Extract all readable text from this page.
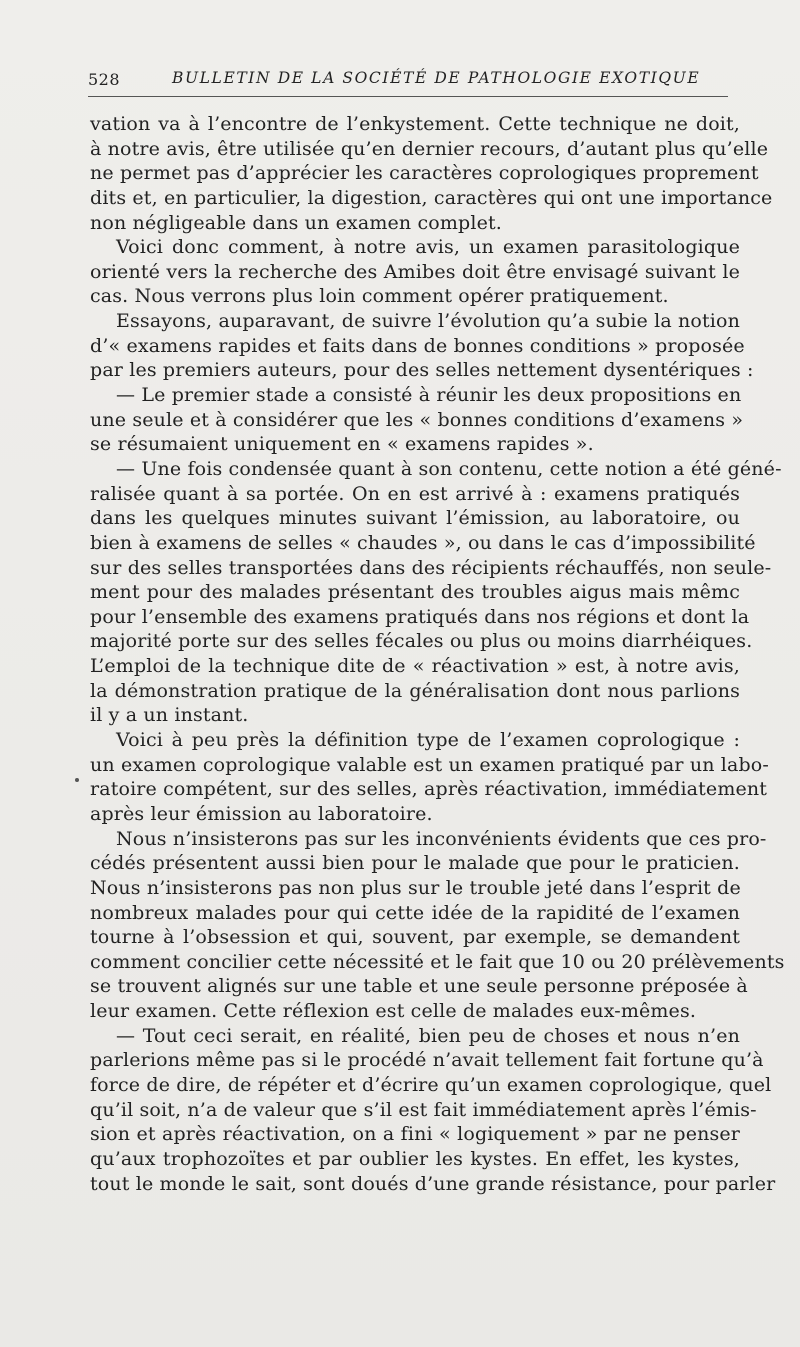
528	BULLETIN DE LA SOCIÉTÉ DE PATHOLOGIE EXOTIQUE
vation va à l’encontre de l’enkystement. Cette technique ne doit,
à notre avis, être utilisée qu’en dernier recours, d’autant plus qu’elle
ne permet pas d’apprécier les caractères coprologiques proprement
dits et, en particulier, la digestion, caractères qui ont une importance
non négligeable dans un examen complet.
Voici donc comment, à notre avis, un examen parasitologique
orienté vers la recherche des Amibes doit être envisagé suivant le
cas. Nous verrons plus loin comment opérer pratiquement.
Essayons, auparavant, de suivre l’évolution qu’a subie la notion
d’« examens rapides et faits dans de bonnes conditions » proposée
par les premiers auteurs, pour des selles nettement dysentériques :
— Le premier stade a consisté à réunir les deux propositions en
une seule et à considérer que les « bonnes conditions d’examens »
se résumaient uniquement en « examens rapides ».
— Une fois condensée quant à son contenu, cette notion a été géné-
ralisée quant à sa portée. On en est arrivé à : examens pratiqués
dans les quelques minutes suivant l’émission, au laboratoire, ou
bien à examens de selles « chaudes », ou dans le cas d’impossibilité
sur des selles transportées dans des récipients réchauffés, non seule-
ment pour des malades présentant des troubles aigus mais mêmc
pour l’ensemble des examens pratiqués dans nos régions et dont la
majorité porte sur des selles fécales ou plus ou moins diarrhéiques.
L’emploi de la technique dite de « réactivation » est, à notre avis,
la démonstration pratique de la généralisation dont nous parlions
il y a un instant.
Voici à peu près la définition type de l’examen coprologique :
un examen coprologique valable est un examen pratiqué par un labo-
ratoire compétent, sur des selles, après réactivation, immédiatement
après leur émission au laboratoire.
Nous n’insisterons pas sur les inconvénients évidents que ces pro-
cédés présentent aussi bien pour le malade que pour le praticien.
Nous n’insisterons pas non plus sur le trouble jeté dans l’esprit de
nombreux malades pour qui cette idée de la rapidité de l’examen
tourne à l’obsession et qui, souvent, par exemple, se demandent
comment concilier cette nécessité et le fait que 10 ou 20 prélèvements
se trouvent alignés sur une table et une seule personne préposée à
leur examen. Cette réflexion est celle de malades eux-mêmes.
— Tout ceci serait, en réalité, bien peu de choses et nous n’en
parlerions même pas si le procédé n’avait tellement fait fortune qu’à
force de dire, de répéter et d’écrire qu’un examen coprologique, quel
qu’il soit, n’a de valeur que s’il est fait immédiatement après l’émis-
sion et après réactivation, on a fini « logiquement » par ne penser
qu’aux trophozoïtes et par oublier les kystes. En effet, les kystes,
tout le monde le sait, sont doués d’une grande résistance, pour parler
